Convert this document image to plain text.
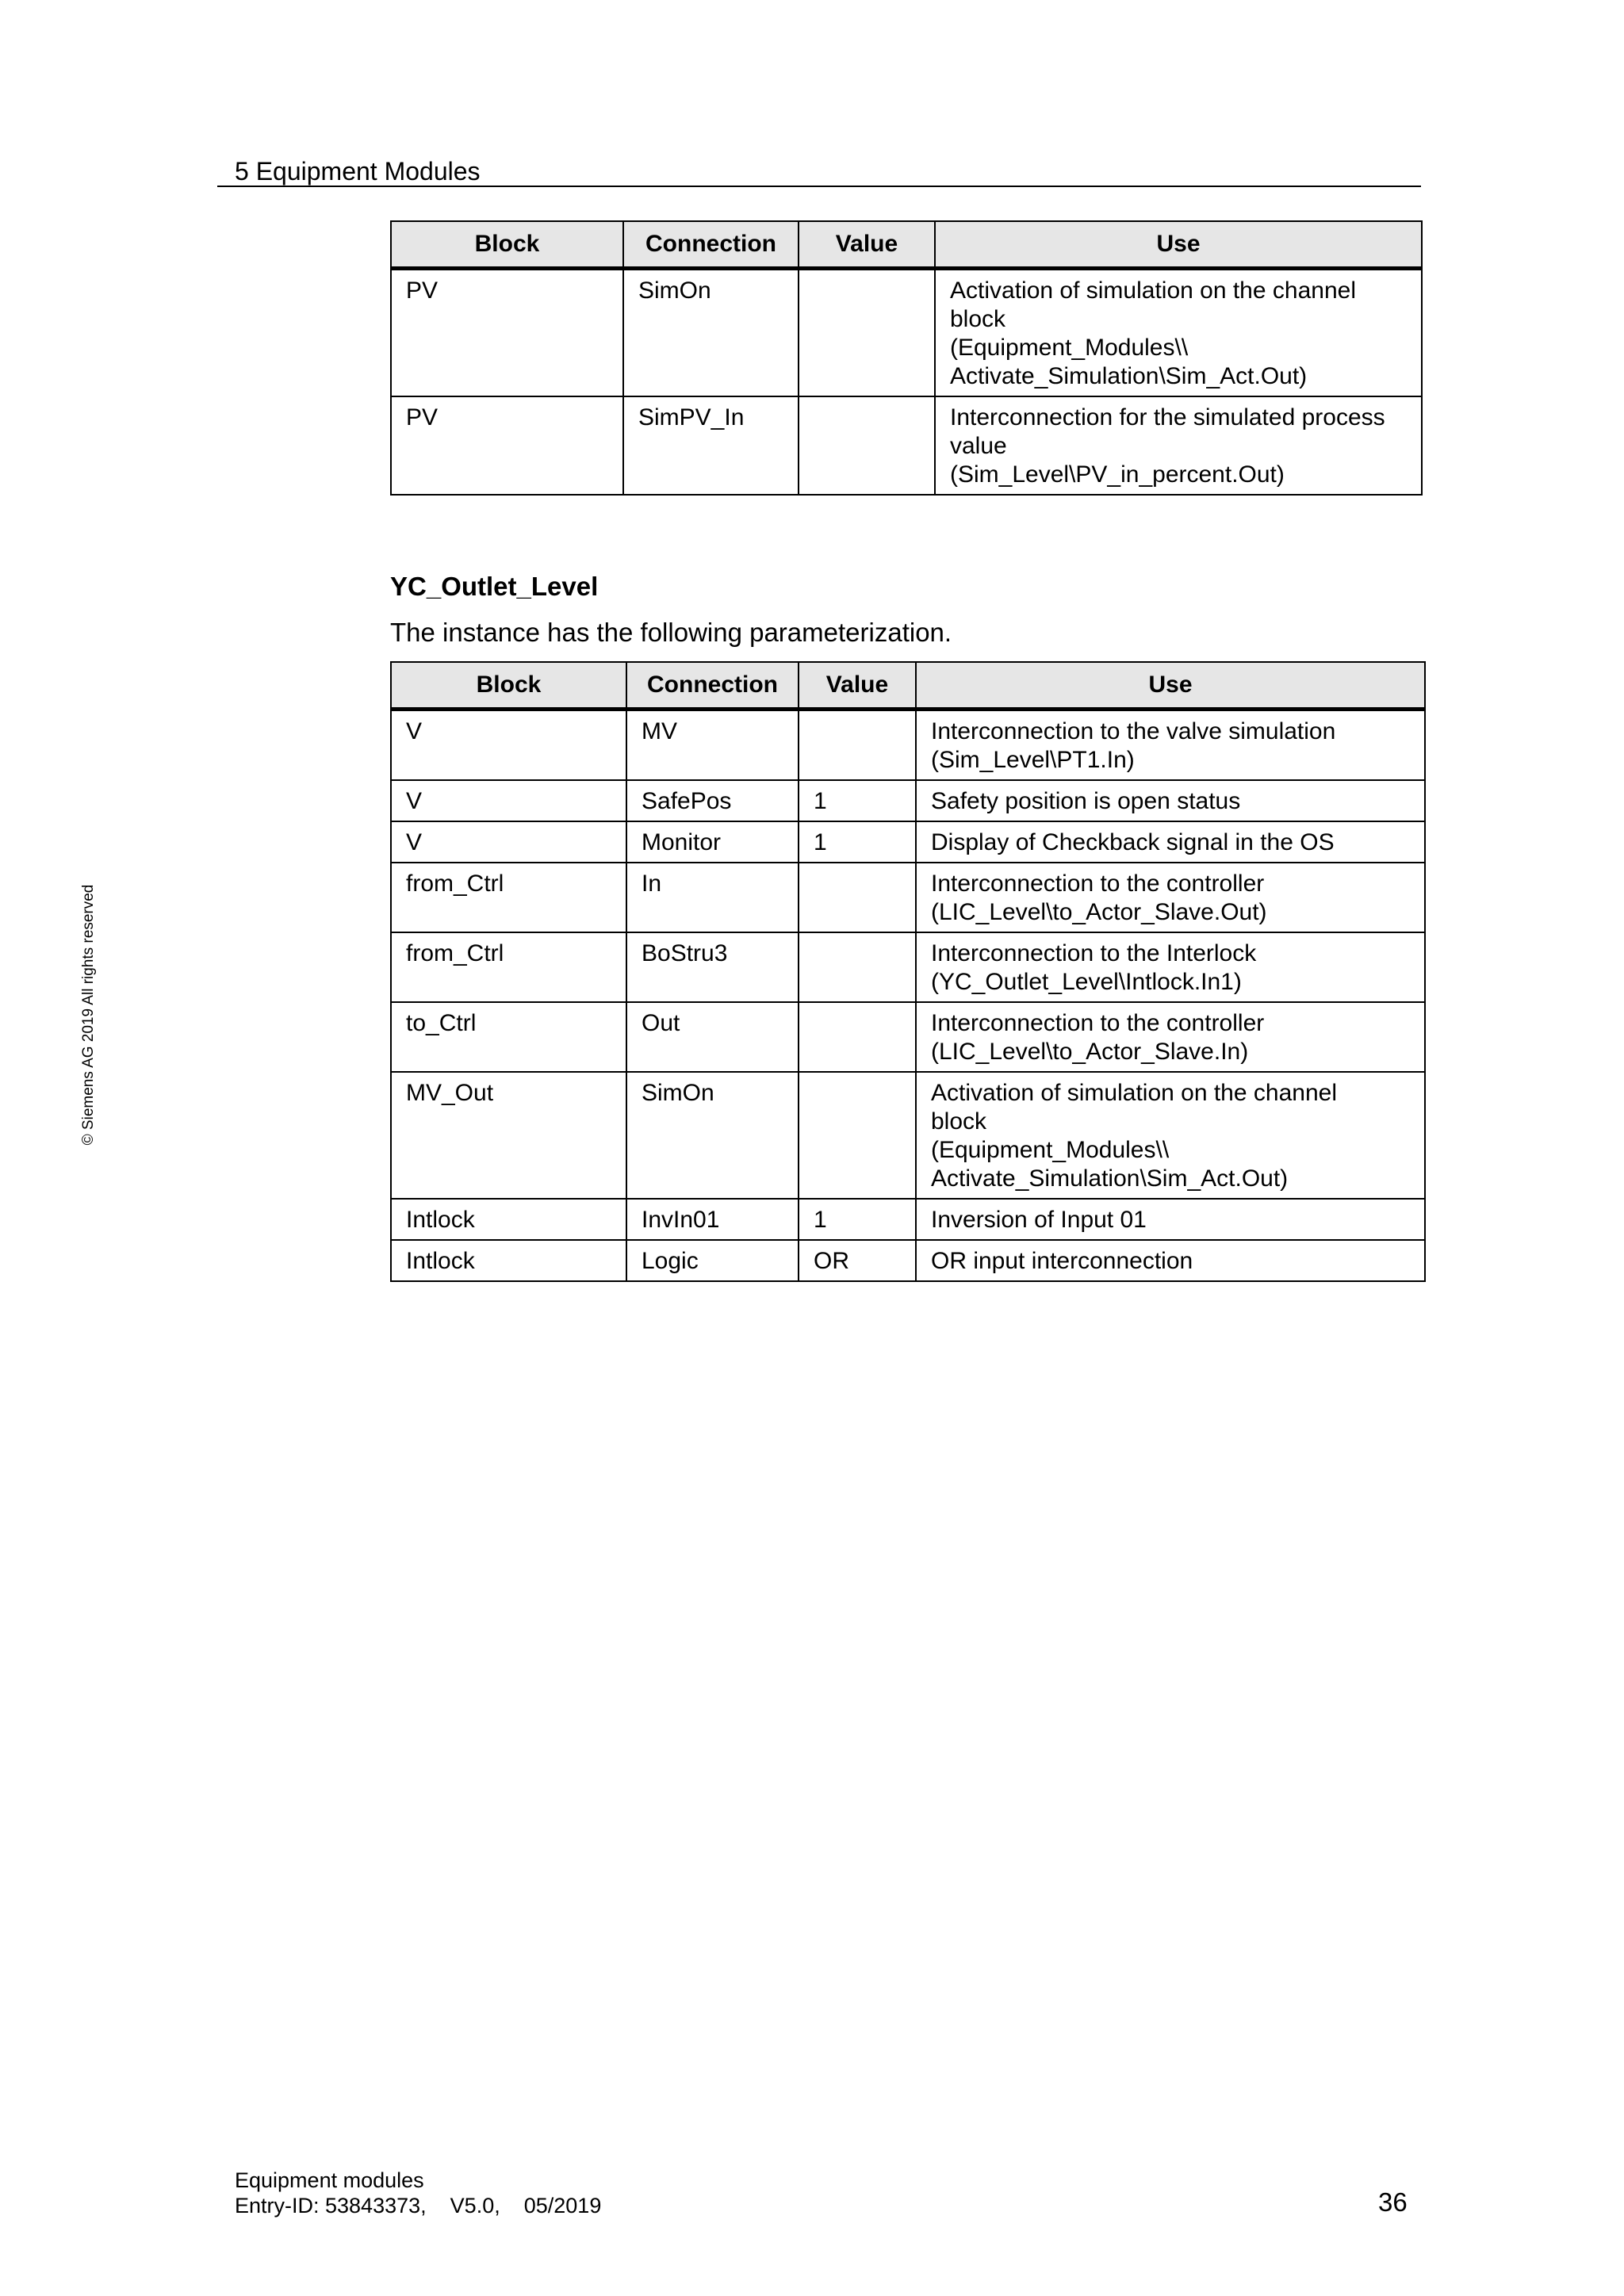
5 Equipment Modules
© Siemens AG 2019 All rights reserved
Block	Connection	Value	Use
PV	SimOn		Activation of simulation on the channel
block
(Equipment_Modules\\
Activate_Simulation\Sim_Act.Out)

PV	SimPV_In		Interconnection for the simulated process
value
(Sim_Level\PV_in_percent.Out)
YC_Outlet_Level
The instance has the following parameterization.
Block	Connection	Value	Use
V	MV		Interconnection to the valve simulation
(Sim_Level\PT1.In)

V	SafePos	1	Safety position is open status

V	Monitor	1	Display of Checkback signal in the OS

from_Ctrl	In		Interconnection to the controller
(LIC_Level\to_Actor_Slave.Out)

from_Ctrl	BoStru3		Interconnection to the Interlock
(YC_Outlet_Level\Intlock.In1)

to_Ctrl	Out		Interconnection to the controller
(LIC_Level\to_Actor_Slave.In)

MV_Out	SimOn		Activation of simulation on the channel
block
(Equipment_Modules\\
Activate_Simulation\Sim_Act.Out)

Intlock	InvIn01	1	Inversion of Input 01

Intlock	Logic	OR	OR input interconnection
Equipment modules
Entry-ID: 53843373, V5.0, 05/2019	36
